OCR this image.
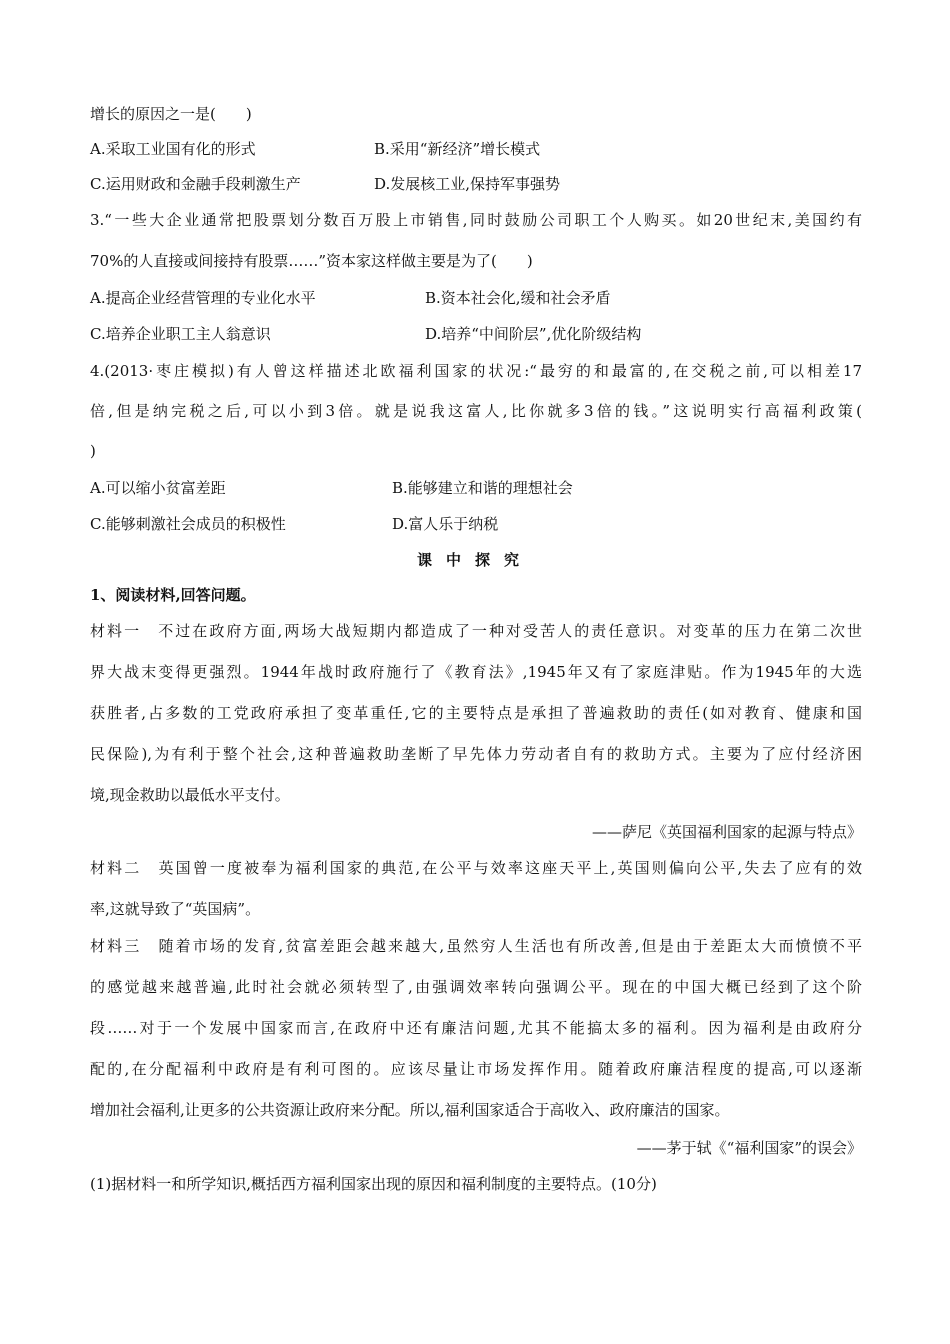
增长的原因之一是(　　)
A.采取工业国有化的形式	B.采用“新经济”增长模式
C.运用财政和金融手段刺激生产	D.发展核工业,保持军事强势
3.“一些大企业通常把股票划分数百万股上市销售,同时鼓励公司职工个人购买。如20世纪末,美国约有
70%的人直接或间接持有股票……”资本家这样做主要是为了(　　)
A.提高企业经营管理的专业化水平	B.资本社会化,缓和社会矛盾
C.培养企业职工主人翁意识	D.培养“中间阶层”,优化阶级结构
4.(2013·枣庄模拟)有人曾这样描述北欧福利国家的状况:“最穷的和最富的,在交税之前,可以相差17
倍,但是纳完税之后,可以小到3倍。就是说我这富人,比你就多3倍的钱。”这说明实行高福利政策(
)
A.可以缩小贫富差距	B.能够建立和谐的理想社会
C.能够刺激社会成员的积极性	D.富人乐于纳税
课中探究
1、阅读材料,回答问题。
材料一　不过在政府方面,两场大战短期内都造成了一种对受苦人的责任意识。对变革的压力在第二次世
界大战末变得更强烈。1944年战时政府施行了《教育法》,1945年又有了家庭津贴。作为1945年的大选
获胜者,占多数的工党政府承担了变革重任,它的主要特点是承担了普遍救助的责任(如对教育、健康和国
民保险),为有利于整个社会,这种普遍救助垄断了早先体力劳动者自有的救助方式。主要为了应付经济困
境,现金救助以最低水平支付。
——萨尼《英国福利国家的起源与特点》
材料二　英国曾一度被奉为福利国家的典范,在公平与效率这座天平上,英国则偏向公平,失去了应有的效
率,这就导致了“英国病”。
材料三　随着市场的发育,贫富差距会越来越大,虽然穷人生活也有所改善,但是由于差距太大而愤愤不平
的感觉越来越普遍,此时社会就必须转型了,由强调效率转向强调公平。现在的中国大概已经到了这个阶
段……对于一个发展中国家而言,在政府中还有廉洁问题,尤其不能搞太多的福利。因为福利是由政府分
配的,在分配福利中政府是有利可图的。应该尽量让市场发挥作用。随着政府廉洁程度的提高,可以逐渐
增加社会福利,让更多的公共资源让政府来分配。所以,福利国家适合于高收入、政府廉洁的国家。
——茅于轼《“福利国家”的误会》
(1)据材料一和所学知识,概括西方福利国家出现的原因和福利制度的主要特点。(10分)
